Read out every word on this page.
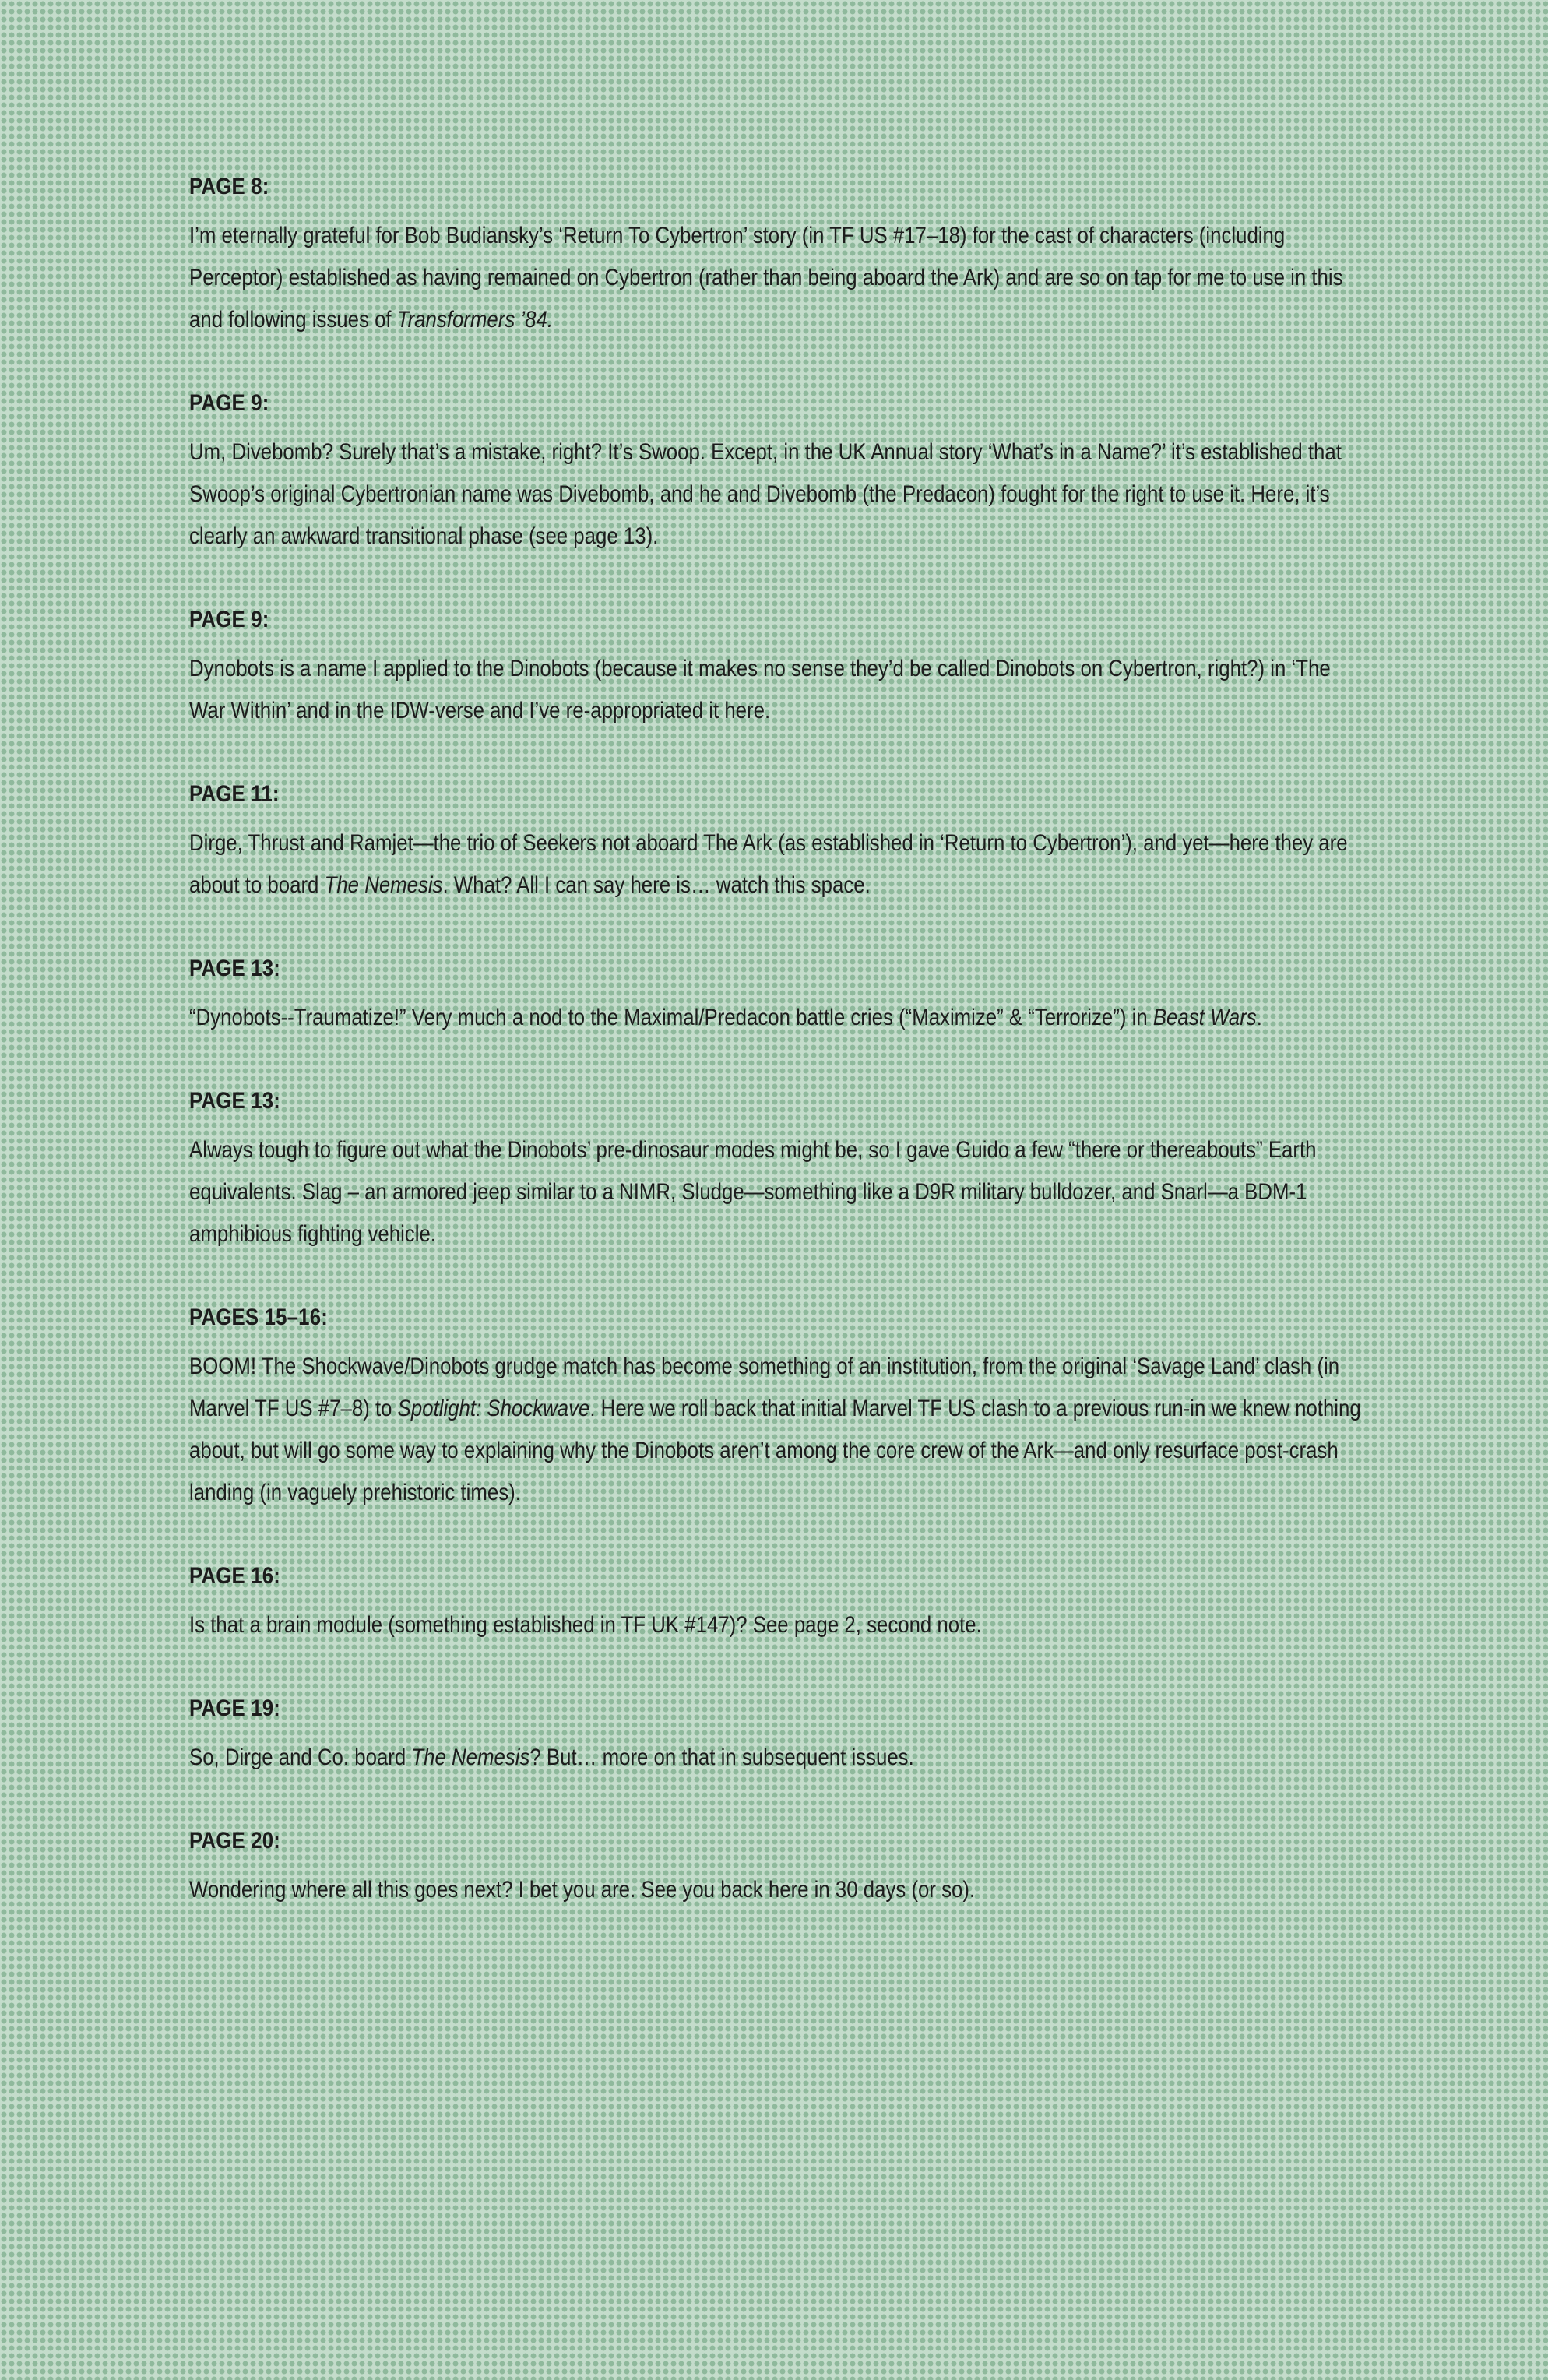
PAGE 8:

I’m eternally grateful for Bob Budiansky’s ‘Return To Cybertron’ story (in TF US #17–18) for the cast of characters (including Perceptor) established as having remained on Cybertron (rather than being aboard the Ark) and are so on tap for me to use in this and following issues of Transformers ’84.

PAGE 9:

Um, Divebomb? Surely that’s a mistake, right? It’s Swoop. Except, in the UK Annual story ‘What’s in a Name?’ it’s established that Swoop’s original Cybertronian name was Divebomb, and he and Divebomb (the Predacon) fought for the right to use it. Here, it’s clearly an awkward transitional phase (see page 13).

PAGE 9:

Dynobots is a name I applied to the Dinobots (because it makes no sense they’d be called Dinobots on Cybertron, right?) in ‘The War Within’ and in the IDW-verse and I’ve re-appropriated it here.

PAGE 11:

Dirge, Thrust and Ramjet—the trio of Seekers not aboard The Ark (as established in ‘Return to Cybertron’), and yet—here they are about to board The Nemesis. What? All I can say here is… watch this space.

PAGE 13:

“Dynobots--Traumatize!” Very much a nod to the Maximal/Predacon battle cries (“Maximize” & “Terrorize”) in Beast Wars.

PAGE 13:

Always tough to figure out what the Dinobots’ pre-dinosaur modes might be, so I gave Guido a few “there or thereabouts” Earth equivalents. Slag – an armored jeep similar to a NIMR, Sludge—something like a D9R military bulldozer, and Snarl—a BDM-1 amphibious fighting vehicle.

PAGES 15–16:

BOOM! The Shockwave/Dinobots grudge match has become something of an institution, from the original ‘Savage Land’ clash (in Marvel TF US #7–8) to Spotlight: Shockwave. Here we roll back that initial Marvel TF US clash to a previous run-in we knew nothing about, but will go some way to explaining why the Dinobots aren’t among the core crew of the Ark—and only resurface post-crash landing (in vaguely prehistoric times).

PAGE 16:

Is that a brain module (something established in TF UK #147)? See page 2, second note.

PAGE 19:

So, Dirge and Co. board The Nemesis? But… more on that in subsequent issues.

PAGE 20:

Wondering where all this goes next? I bet you are. See you back here in 30 days (or so).
